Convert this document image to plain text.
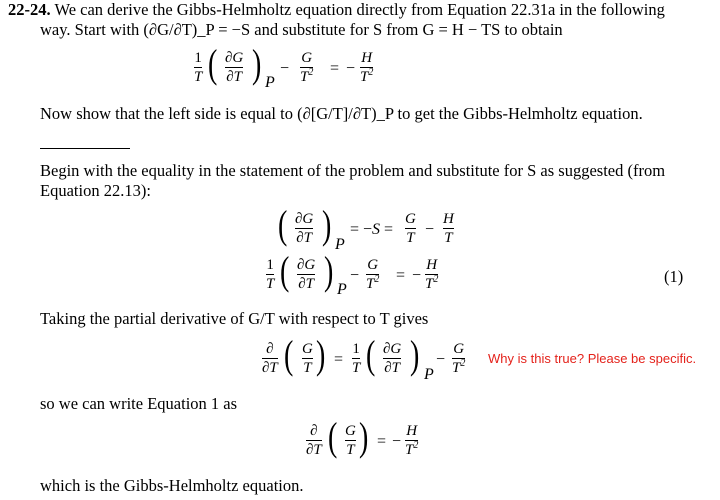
22-24. We can derive the Gibbs-Helmholtz equation directly from Equation 22.31a in the following
way. Start with (∂G/∂T)_P = −S and substitute for S from G = H − TS to obtain
1
T ( ∂G
∂T ) P
−
G
$T^2$ = −
H
$T^2$
Now show that the left side is equal to (∂[G/T]/∂T)_P to get the Gibbs-Helmholtz equation.
Begin with the equality in the statement of the problem and substitute for S as suggested (from
Equation 22.13):
( ∂G
∂T ) P
= −S =
G
T −
H
T
1
T ( ∂G
∂T ) P
−
G
$T^2$ = −
H
$T^2$	(1)
Taking the partial derivative of G/T with respect to T gives
∂
∂T ( G
T ) =
1
T ( ∂G
∂T ) P
−
G
$T^2$ Why is this true? Please be specific.
so we can write Equation 1 as
∂
∂T ( G
T ) = −
H
$T^2$
which is the Gibbs-Helmholtz equation.
